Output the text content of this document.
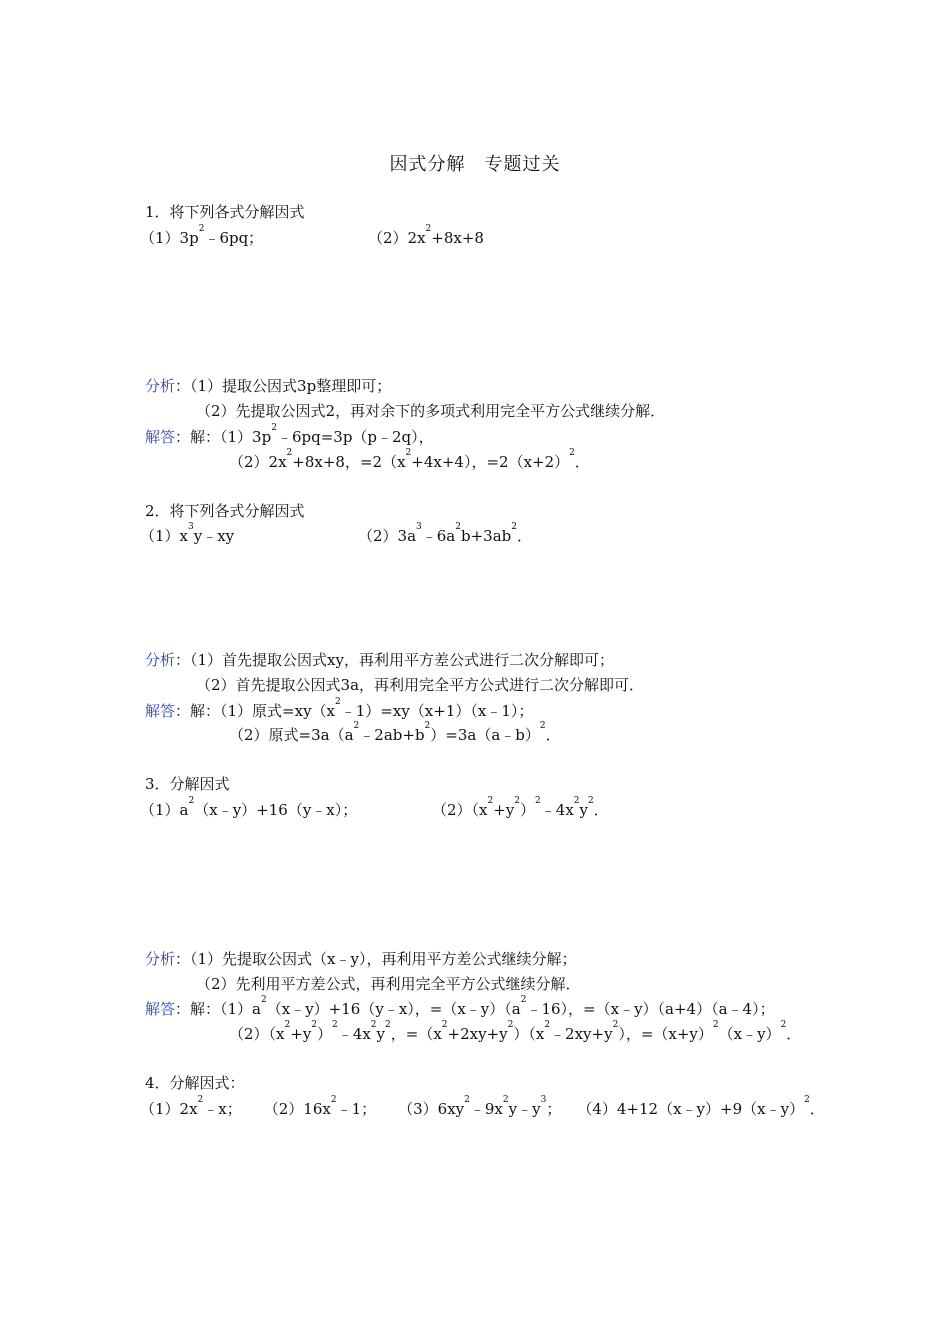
因式分解　专题过关
1．将下列各式分解因式
$(1)3p^2﹣6pq$；	$(2)2x^2+8x+8$
分析：（1）提取公因式3p整理即可；
（2）先提取公因式2，再对余下的多项式利用完全平方公式继续分解．
解答：解：$(1)3p^2﹣6pq=3p(p﹣2q)$，
$(2)2x^2+8x+8$，$=2(x^2+4x+4)$，$=2(x+2)^2$．
2．将下列各式分解因式
$(1)x^3y﹣xy$	$(2)3a^3﹣6a^2b+3ab^2$．
分析：（1）首先提取公因式xy，再利用平方差公式进行二次分解即可；
（2）首先提取公因式3a，再利用完全平方公式进行二次分解即可．
解答：解：（1）原式$=xy(x^2﹣1)=xy(x+1)(x﹣1)$；
（2）原式$=3a(a^2﹣2ab+b^2)=3a(a﹣b)^2$．
3．分解因式
$(1)a^2(x﹣y)+16(y﹣x)$；	$(2)(x^2+y^2)^2﹣4x^2y^2$．
分析：（1）先提取公因式（x﹣y），再利用平方差公式继续分解；
（2）先利用平方差公式，再利用完全平方公式继续分解．
解答：解：$(1)a^2(x﹣y)+16(y﹣x)$，$=(x﹣y)(a^2﹣16)$，=（x﹣y）（a+4）（a﹣4）；
$(2)(x^2+y^2)^2﹣4x^2y^2$，$=(x^2+2xy+y^2)(x^2﹣2xy+y^2)$，$=(x+y)^2(x﹣y)^2$．
4．分解因式：
$(1)2x^2﹣x$； $(2)16x^2﹣1$； $(3)6xy^2﹣9x^2y﹣y^3$； （4）4+12（x﹣y）+9（x﹣y）$^2$．
